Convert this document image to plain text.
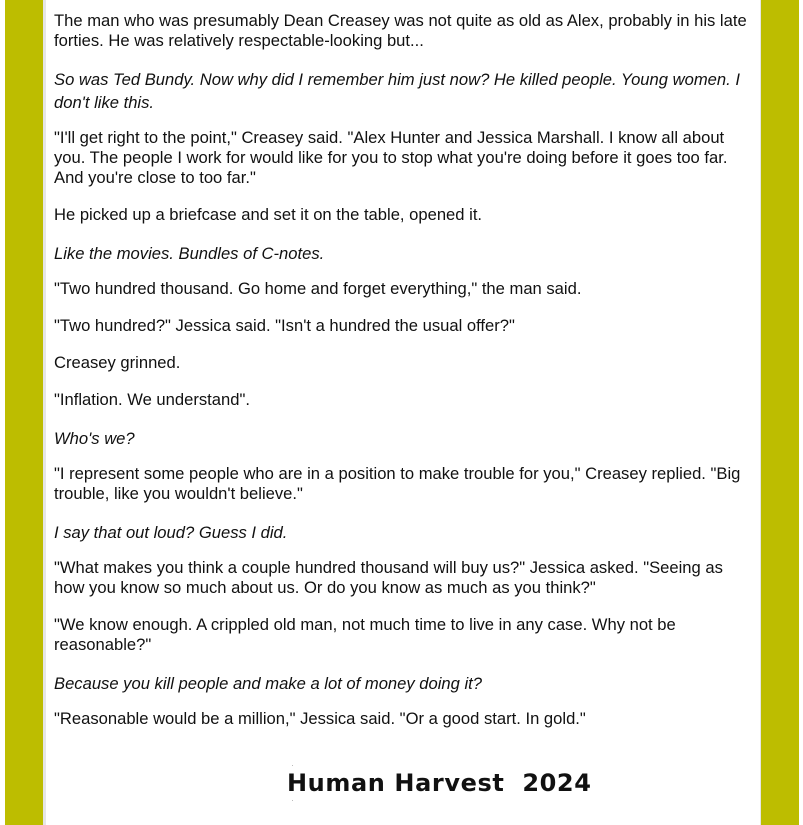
The man who was presumably Dean Creasey was not quite as old as Alex, probably in his late forties. He was relatively respectable-looking but...

So was Ted Bundy. Now why did I remember him just now? He killed people. Young women. I don't like this.

"I'll get right to the point," Creasey said. "Alex Hunter and Jessica Marshall. I know all about you. The people I work for would like for you to stop what you're doing before it goes too far. And you're close to too far."

He picked up a briefcase and set it on the table, opened it.

Like the movies. Bundles of C-notes.

"Two hundred thousand. Go home and forget everything," the man said.

"Two hundred?" Jessica said. "Isn't a hundred the usual offer?"

Creasey grinned.

"Inflation. We understand".

Who's we?

"I represent some people who are in a position to make trouble for you," Creasey replied. "Big trouble, like you wouldn't believe."

I say that out loud? Guess I did.

"What makes you think a couple hundred thousand will buy us?" Jessica asked. "Seeing as how you know so much about us. Or do you know as much as you think?"

"We know enough. A crippled old man, not much time to live in any case. Why not be reasonable?"

Because you kill people and make a lot of money doing it?

"Reasonable would be a million," Jessica said. "Or a good start. In gold."

Human Harvest  2024
